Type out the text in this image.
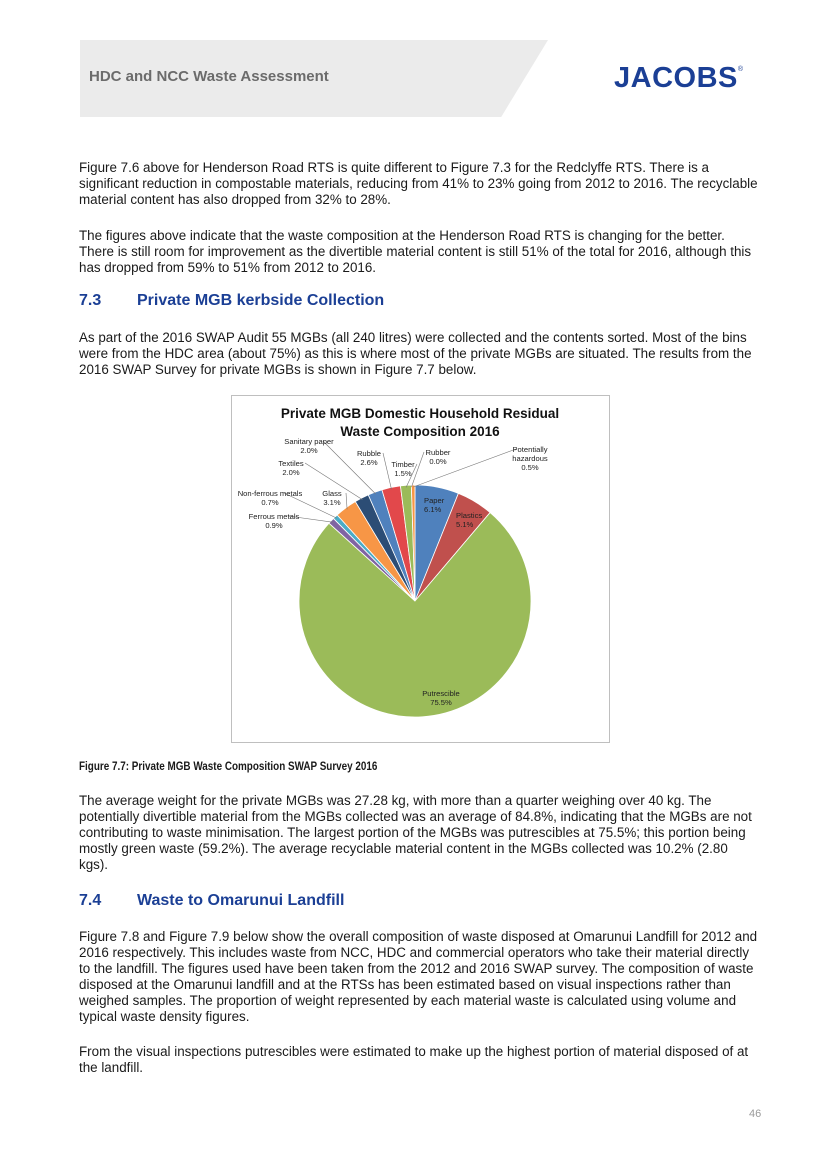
HDC and NCC Waste Assessment	JACOBS®

Figure 7.6 above for Henderson Road RTS is quite different to Figure 7.3 for the Redclyffe RTS. There is a significant reduction in compostable materials, reducing from 41% to 23% going from 2012 to 2016. The recyclable material content has also dropped from 32% to 28%.

The figures above indicate that the waste composition at the Henderson Road RTS is changing for the better. There is still room for improvement as the divertible material content is still 51% of the total for 2016, although this has dropped from 59% to 51% from 2012 to 2016.

7.3 Private MGB kerbside Collection

As part of the 2016 SWAP Audit 55 MGBs (all 240 litres) were collected and the contents sorted. Most of the bins were from the HDC area (about 75%) as this is where most of the private MGBs are situated. The results from the 2016 SWAP Survey for private MGBs is shown in Figure 7.7 below.

Private MGB Domestic Household Residual
Waste Composition 2016
Paper 6.1%
Plastics 5.1%
Putrescible 75.5%
Ferrous metals 0.9%
Non-ferrous metals 0.7%
Glass 3.1%
Textiles 2.0%
Sanitary paper 2.0%	Rubble 2.6%	Timber 1.5%
Rubber 0.0%
Potentially hazardous 0.5%

Figure 7.7: Private MGB Waste Composition SWAP Survey 2016

The average weight for the private MGBs was 27.28 kg, with more than a quarter weighing over 40 kg. The potentially divertible material from the MGBs collected was an average of 84.8%, indicating that the MGBs are not contributing to waste minimisation. The largest portion of the MGBs was putrescibles at 75.5%; this portion being mostly green waste (59.2%). The average recyclable material content in the MGBs collected was 10.2% (2.80 kgs).

7.4 Waste to Omarunui Landfill

Figure 7.8 and Figure 7.9 below show the overall composition of waste disposed at Omarunui Landfill for 2012 and 2016 respectively. This includes waste from NCC, HDC and commercial operators who take their material directly to the landfill. The figures used have been taken from the 2012 and 2016 SWAP survey. The composition of waste disposed at the Omarunui landfill and at the RTSs has been estimated based on visual inspections rather than weighed samples. The proportion of weight represented by each material waste is calculated using volume and typical waste density figures.

From the visual inspections putrescibles were estimated to make up the highest portion of material disposed of at the landfill.

46
